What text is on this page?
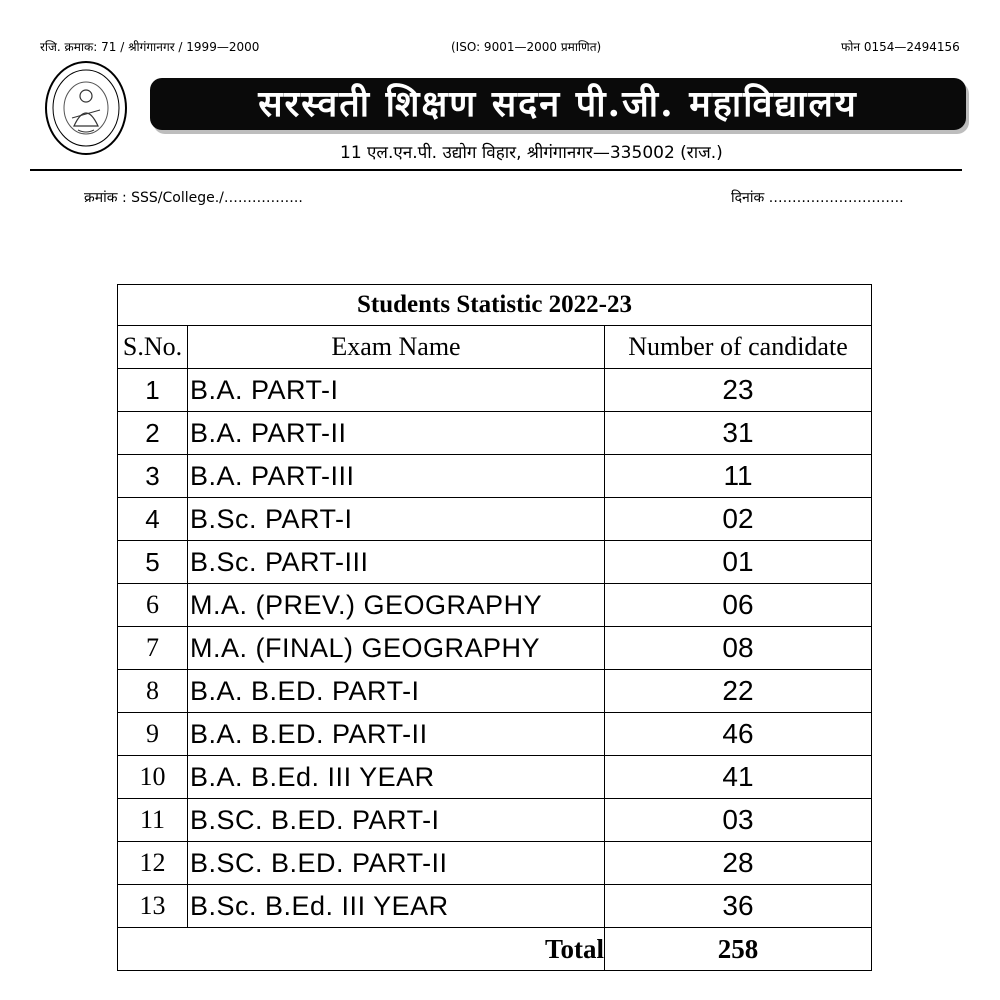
रजि. क्रमाक: 71 / श्रीगंगानगर / 1999—2000	(ISO: 9001—2000 प्रमाणित)	फोन 0154—2494156
सरस्वती शिक्षण सदन पी.जी. महाविद्यालय
11 एल.एन.पी. उद्योग विहार, श्रीगंगानगर—335002 (राज.)
क्रमांक : SSS/College./……………..	दिनांक ………………………..
Students Statistic 2022-23		
S.No.	Exam Name	Number of candidate
1	B.A. PART-I	23
2	B.A. PART-II	31
3	B.A. PART-III	11
4	B.Sc. PART-I	02
5	B.Sc. PART-III	01
6	M.A. (PREV.) GEOGRAPHY	06
7	M.A. (FINAL) GEOGRAPHY	08
8	B.A. B.ED. PART-I	22
9	B.A. B.ED. PART-II	46
10	B.A. B.Ed. III YEAR	41
11	B.SC. B.ED. PART-I	03
12	B.SC. B.ED. PART-II	28
13	B.Sc. B.Ed. III YEAR	36
Total		258
